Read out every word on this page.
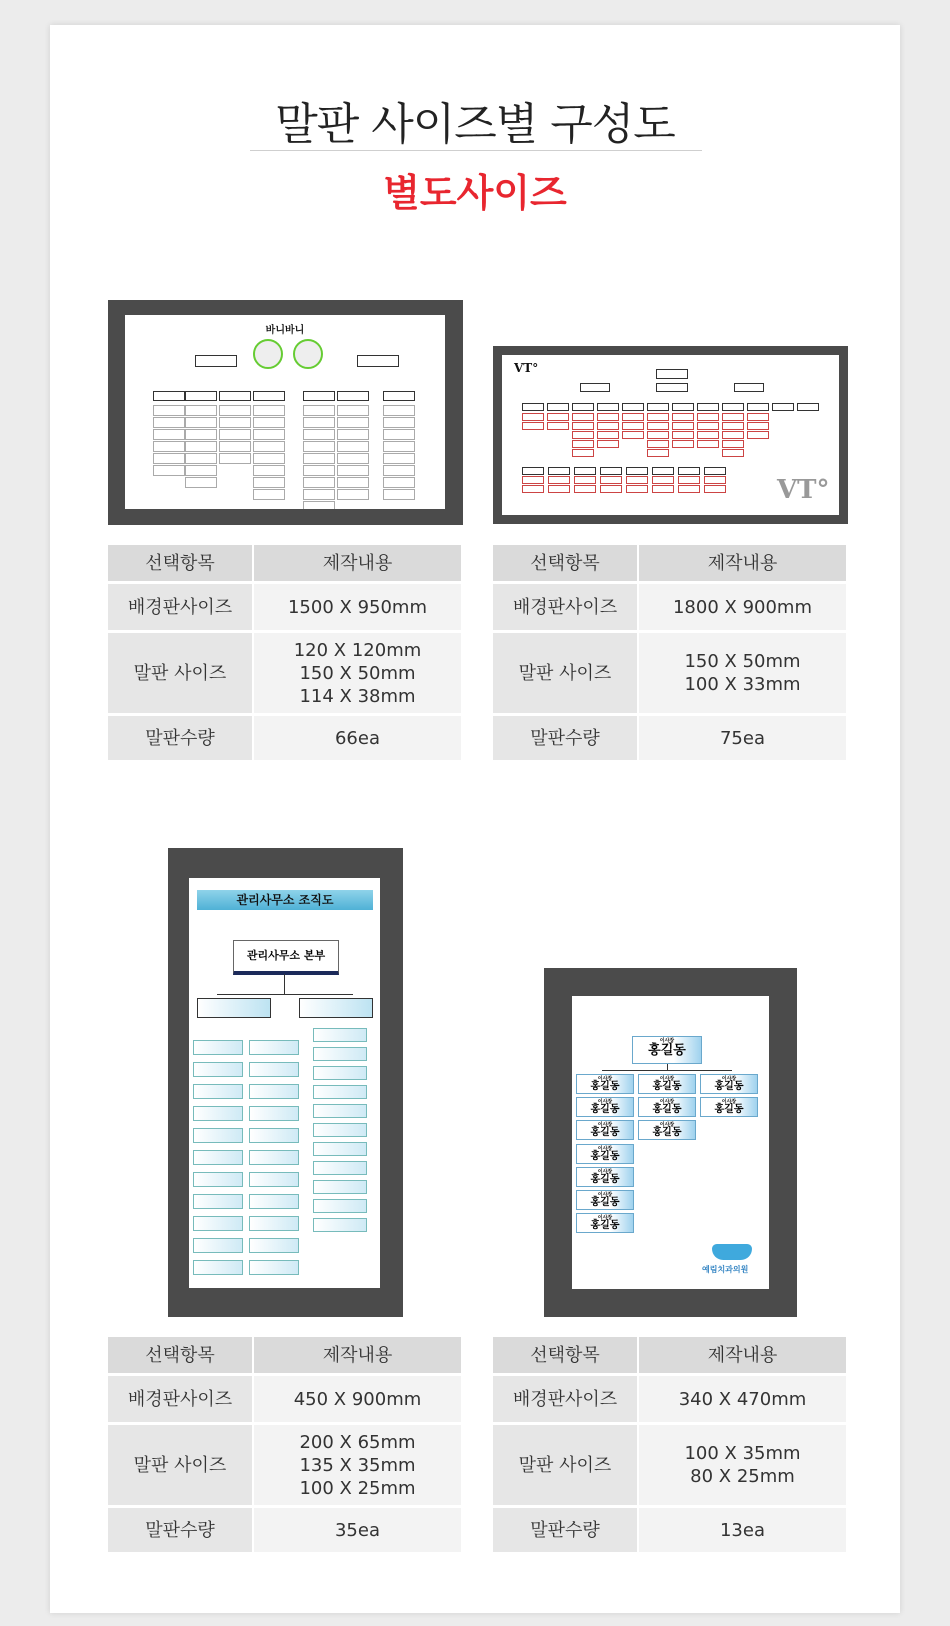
말판 사이즈별 구성도
별도사이즈
바니바니
VT°
VT°
관리사무소 조직도
관리사무소 본부
예림치과의원
이사장
홍길동
이사장
홍길동
이사장
홍길동
이사장
홍길동
이사장
홍길동
이사장
홍길동
이사장
홍길동
이사장
홍길동
이사장
홍길동
이사장
홍길동
이사장
홍길동
이사장
홍길동
이사장
홍길동
선택항목	제작내용
배경판사이즈	1500 X 950mm
말판 사이즈	120 X 120mm
150 X 50mm
114 X 38mm

말판수량	66ea
선택항목	제작내용
배경판사이즈	1800 X 900mm
말판 사이즈	150 X 50mm
100 X 33mm

말판수량	75ea
선택항목	제작내용
배경판사이즈	450 X 900mm
말판 사이즈	200 X 65mm
135 X 35mm
100 X 25mm

말판수량	35ea
선택항목	제작내용
배경판사이즈	340 X 470mm
말판 사이즈	100 X 35mm
80 X 25mm

말판수량	13ea
